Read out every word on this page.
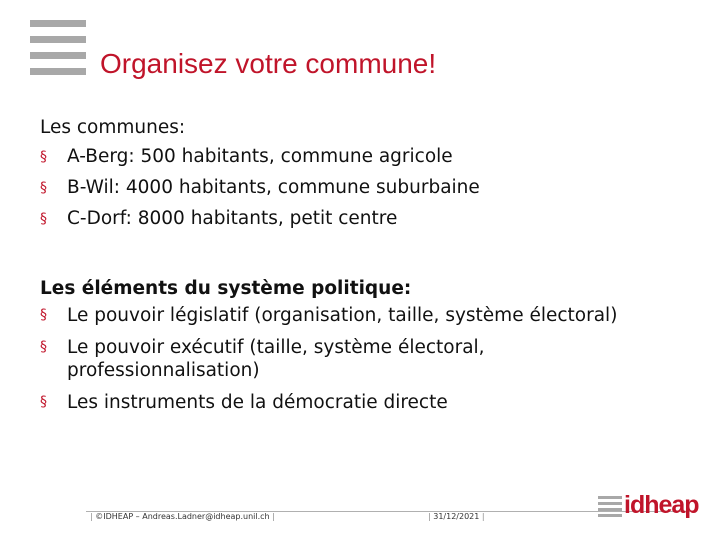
Organisez votre commune!
Les communes:
§ A-Berg: 500 habitants, commune agricole
§ B-Wil: 4000 habitants, commune suburbaine
§ C-Dorf: 8000 habitants, petit centre
Les éléments du système politique:
§ Le pouvoir législatif (organisation, taille, système électoral)
§ Le pouvoir exécutif (taille, système électoral, professionnalisation)
§ Les instruments de la démocratie directe
| ©IDHEAP – Andreas.Ladner@idheap.unil.ch |	| 31/12/2021 |	idheap
